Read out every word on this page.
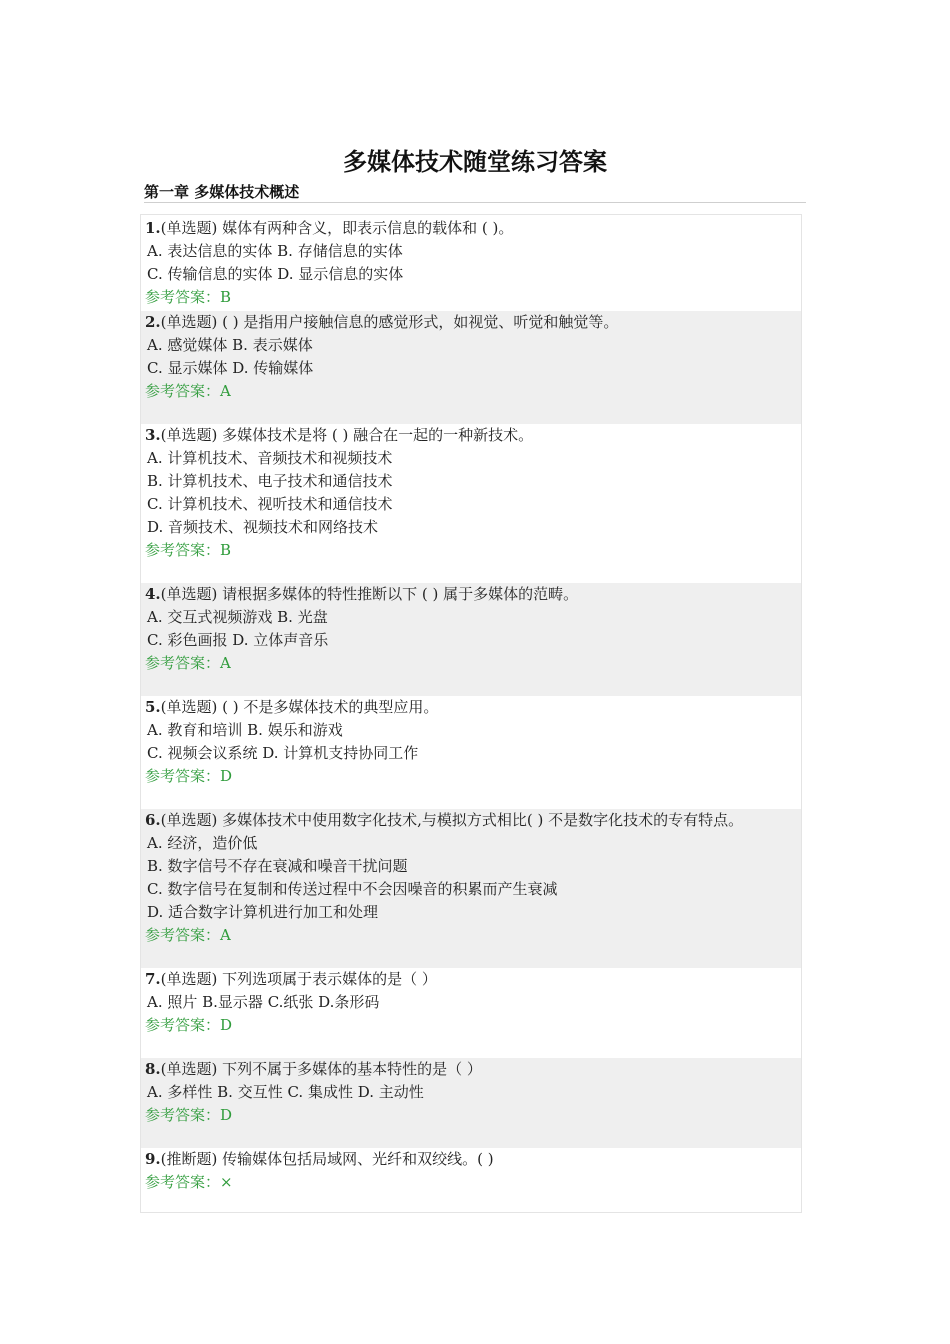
多媒体技术随堂练习答案
第一章 多媒体技术概述
1.(单选题) 媒体有两种含义，即表示信息的载体和 ( )。
A. 表达信息的实体 B. 存储信息的实体
C. 传输信息的实体 D. 显示信息的实体
参考答案：B
2.(单选题) ( ) 是指用户接触信息的感觉形式，如视觉、听觉和触觉等。
A. 感觉媒体 B. 表示媒体
C. 显示媒体 D. 传输媒体
参考答案：A
3.(单选题) 多媒体技术是将 ( ) 融合在一起的一种新技术。
A. 计算机技术、音频技术和视频技术
B. 计算机技术、电子技术和通信技术
C. 计算机技术、视听技术和通信技术
D. 音频技术、视频技术和网络技术
参考答案：B
4.(单选题) 请根据多媒体的特性推断以下 ( ) 属于多媒体的范畴。
A. 交互式视频游戏 B. 光盘
C. 彩色画报 D. 立体声音乐
参考答案：A
5.(单选题) ( ) 不是多媒体技术的典型应用。
A. 教育和培训 B. 娱乐和游戏
C. 视频会议系统 D. 计算机支持协同工作
参考答案：D
6.(单选题) 多媒体技术中使用数字化技术,与模拟方式相比( ) 不是数字化技术的专有特点。
A. 经济，造价低
B. 数字信号不存在衰减和噪音干扰问题
C. 数字信号在复制和传送过程中不会因噪音的积累而产生衰减
D. 适合数字计算机进行加工和处理
参考答案：A
7.(单选题) 下列选项属于表示媒体的是（ ）
A. 照片 B.显示器 C.纸张 D.条形码
参考答案：D
8.(单选题) 下列不属于多媒体的基本特性的是（ ）
A. 多样性 B. 交互性 C. 集成性 D. 主动性
参考答案：D
9.(推断题) 传输媒体包括局域网、光纤和双绞线。( )
参考答案：×
